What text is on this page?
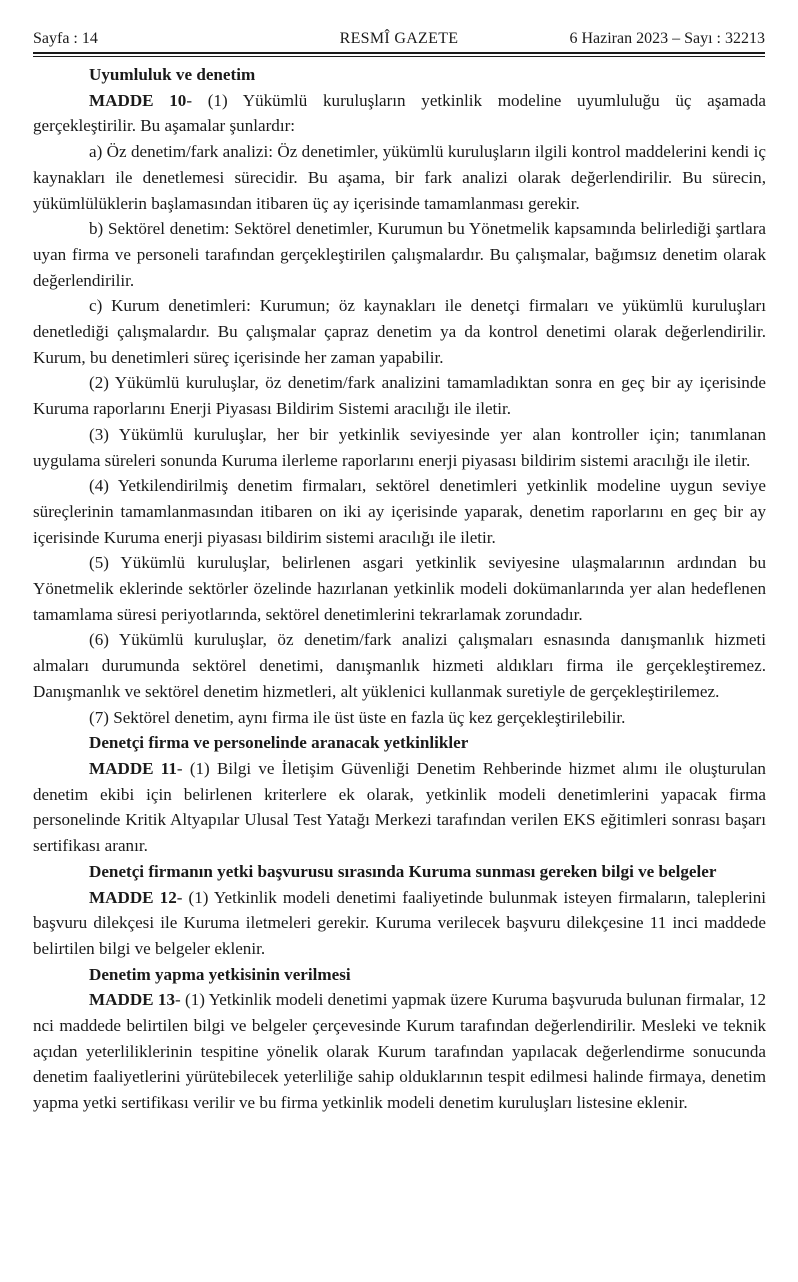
Sayfa : 14	RESMÎ GAZETE	6 Haziran 2023 – Sayı : 32213

Uyumluluk ve denetim

MADDE 10- (1) Yükümlü kuruluşların yetkinlik modeline uyumluluğu üç aşamada gerçekleştirilir. Bu aşamalar şunlardır:

a) Öz denetim/fark analizi: Öz denetimler, yükümlü kuruluşların ilgili kontrol maddelerini kendi iç kaynakları ile denetlemesi sürecidir. Bu aşama, bir fark analizi olarak değerlendirilir. Bu sürecin, yükümlülüklerin başlamasından itibaren üç ay içerisinde tamamlanması gerekir.

b) Sektörel denetim: Sektörel denetimler, Kurumun bu Yönetmelik kapsamında belirlediği şartlara uyan firma ve personeli tarafından gerçekleştirilen çalışmalardır. Bu çalışmalar, bağımsız denetim olarak değerlendirilir.

c) Kurum denetimleri: Kurumun; öz kaynakları ile denetçi firmaları ve yükümlü kuruluşları denetlediği çalışmalardır. Bu çalışmalar çapraz denetim ya da kontrol denetimi olarak değerlendirilir. Kurum, bu denetimleri süreç içerisinde her zaman yapabilir.

(2) Yükümlü kuruluşlar, öz denetim/fark analizini tamamladıktan sonra en geç bir ay içerisinde Kuruma raporlarını Enerji Piyasası Bildirim Sistemi aracılığı ile iletir.

(3) Yükümlü kuruluşlar, her bir yetkinlik seviyesinde yer alan kontroller için; tanımlanan uygulama süreleri sonunda Kuruma ilerleme raporlarını enerji piyasası bildirim sistemi aracılığı ile iletir.

(4) Yetkilendirilmiş denetim firmaları, sektörel denetimleri yetkinlik modeline uygun seviye süreçlerinin tamamlanmasından itibaren on iki ay içerisinde yaparak, denetim raporlarını en geç bir ay içerisinde Kuruma enerji piyasası bildirim sistemi aracılığı ile iletir.

(5) Yükümlü kuruluşlar, belirlenen asgari yetkinlik seviyesine ulaşmalarının ardından bu Yönetmelik eklerinde sektörler özelinde hazırlanan yetkinlik modeli dokümanlarında yer alan hedeflenen tamamlama süresi periyotlarında, sektörel denetimlerini tekrarlamak zorundadır.

(6) Yükümlü kuruluşlar, öz denetim/fark analizi çalışmaları esnasında danışmanlık hizmeti almaları durumunda sektörel denetimi, danışmanlık hizmeti aldıkları firma ile gerçekleştiremez. Danışmanlık ve sektörel denetim hizmetleri, alt yüklenici kullanmak suretiyle de gerçekleştirilemez.

(7) Sektörel denetim, aynı firma ile üst üste en fazla üç kez gerçekleştirilebilir.

Denetçi firma ve personelinde aranacak yetkinlikler

MADDE 11- (1) Bilgi ve İletişim Güvenliği Denetim Rehberinde hizmet alımı ile oluşturulan denetim ekibi için belirlenen kriterlere ek olarak, yetkinlik modeli denetimlerini yapacak firma personelinde Kritik Altyapılar Ulusal Test Yatağı Merkezi tarafından verilen EKS eğitimleri sonrası başarı sertifikası aranır.

Denetçi firmanın yetki başvurusu sırasında Kuruma sunması gereken bilgi ve belgeler

MADDE 12- (1) Yetkinlik modeli denetimi faaliyetinde bulunmak isteyen firmaların, taleplerini başvuru dilekçesi ile Kuruma iletmeleri gerekir. Kuruma verilecek başvuru dilekçesine 11 inci maddede belirtilen bilgi ve belgeler eklenir.

Denetim yapma yetkisinin verilmesi

MADDE 13- (1) Yetkinlik modeli denetimi yapmak üzere Kuruma başvuruda bulunan firmalar, 12 nci maddede belirtilen bilgi ve belgeler çerçevesinde Kurum tarafından değerlendirilir. Mesleki ve teknik açıdan yeterliliklerinin tespitine yönelik olarak Kurum tarafından yapılacak değerlendirme sonucunda denetim faaliyetlerini yürütebilecek yeterliliğe sahip olduklarının tespit edilmesi halinde firmaya, denetim yapma yetki sertifikası verilir ve bu firma yetkinlik modeli denetim kuruluşları listesine eklenir.
